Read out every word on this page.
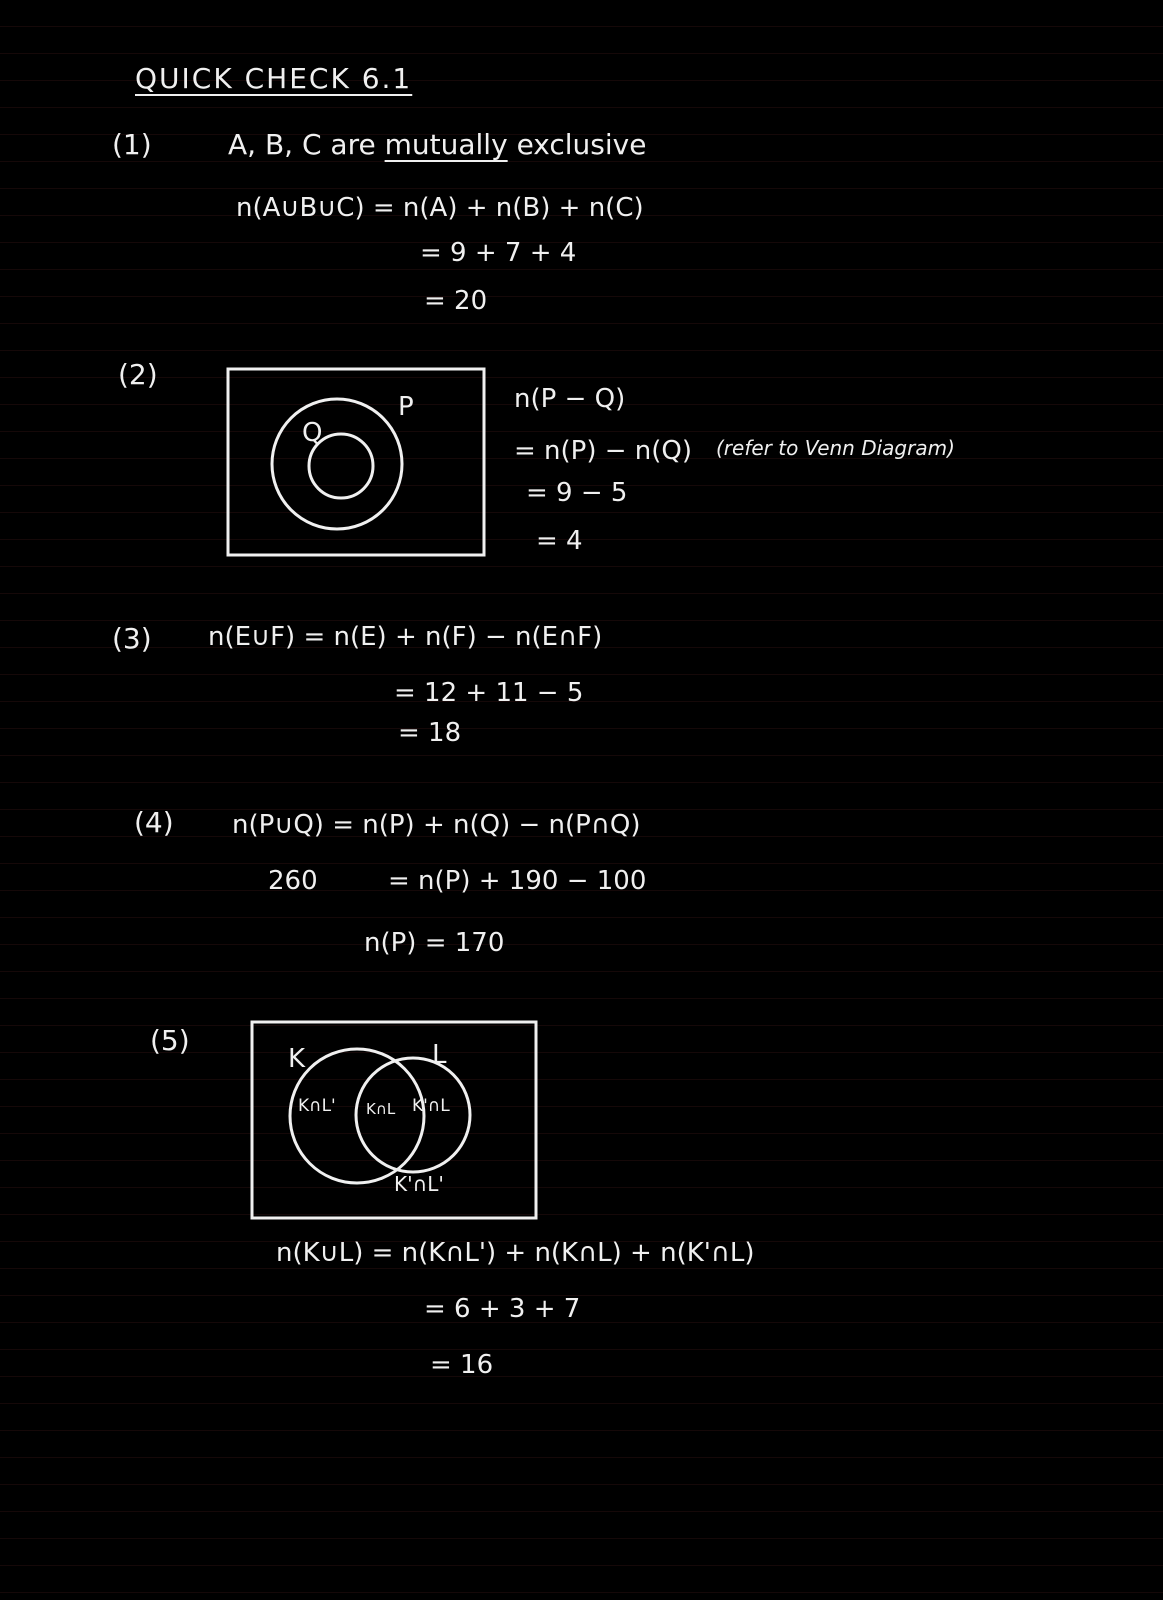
QUICK CHECK 6.1
(1)	A, B, C are mutually exclusive
n(A∪B∪C) = n(A) + n(B) + n(C)
= 9 + 7 + 4
= 20
(2)
P
Q
n(P − Q)
= n(P) − n(Q) (refer to Venn Diagram)
= 9 − 5
= 4
(3) n(E∪F) = n(E) + n(F) − n(E∩F)
= 12 + 11 − 5
= 18
(4) n(P∪Q) = n(P) + n(Q) − n(P∩Q)
260	= n(P) + 190 − 100
n(P) = 170
(5)
K	L
K∩L' K∩L K'∩L
K'∩L'
n(K∪L) = n(K∩L') + n(K∩L) + n(K'∩L)
= 6 + 3 + 7
= 16
